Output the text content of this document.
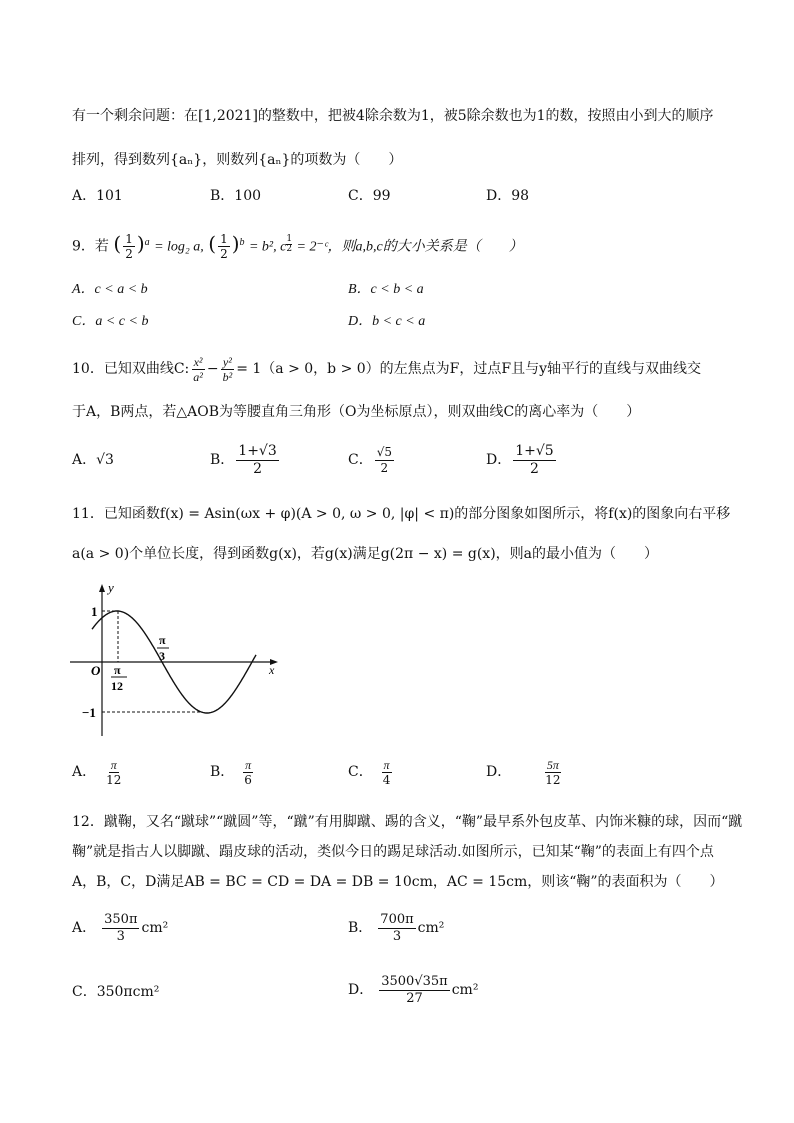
有一个剩余问题：在[1,2021]的整数中，把被4除余数为1，被5除余数也为1的数，按照由小到大的顺序
排列，得到数列{aₙ}，则数列{aₙ}的项数为（　　）
A．101	B．100	C．99	D．98
9．若 ( $\frac{1}{2} )^a = \log_2$ a, ( $\frac{1}{2} )^b = b^2$, c $^{\frac{1}{2}}$ = 2⁻ᶜ，则a,b,c的大小关系是（　　）
A．c < a < b	B．c < b < a
C．a < c < b	D．b < c < a
10．已知双曲线C: $\frac{\text{x²}}{\text{a²}} - \frac{\text{y²}}{\text{b²}} = 1(a > 0$，b > 0）的左焦点为F，过点F且与y轴平行的直线与双曲线交
于A，B两点，若△AOB为等腰直角三角形（O为坐标原点），则双曲线C的离心率为（　　）
A．√3	B． $\frac{1+√3}{2}$	C． $\frac{√5}{2}$	D． $\frac{1+√5}{2}$
11．已知函数f(x) = Asin(ωx + φ)(A > 0, ω > 0, |φ| < π)的部分图象如图所示，将f(x)的图象向右平移
a(a > 0)个单位长度，得到函数g(x)，若g(x)满足g(2π − x) = g(x)，则a的最小值为（　　）
y
x
O
1
−1
π
12
π
3
A． $\frac{\pi}{12}$	B． $\frac{\pi}{6}$	C． $\frac{\pi}{4}$	D．	$\frac{5\pi}{12}$
12．蹴鞠，又名“蹴球”“蹴圆”等，“蹴”有用脚蹴、踢的含义，“鞠”最早系外包皮革、内饰米糠的球，因而“蹴
鞠”就是指古人以脚蹴、蹋皮球的活动，类似今日的踢足球活动.如图所示，已知某“鞠”的表面上有四个点
A，B，C，D满足AB = BC = CD = DA = DB = 10cm，AC = 15cm，则该“鞠”的表面积为（　　）
A． $\frac{350\pi}{3} cm^2$	B． $\frac{700\pi}{3} cm^2$
C．350πcm²	D． $\frac{3500√35\pi}{27} cm^2$
